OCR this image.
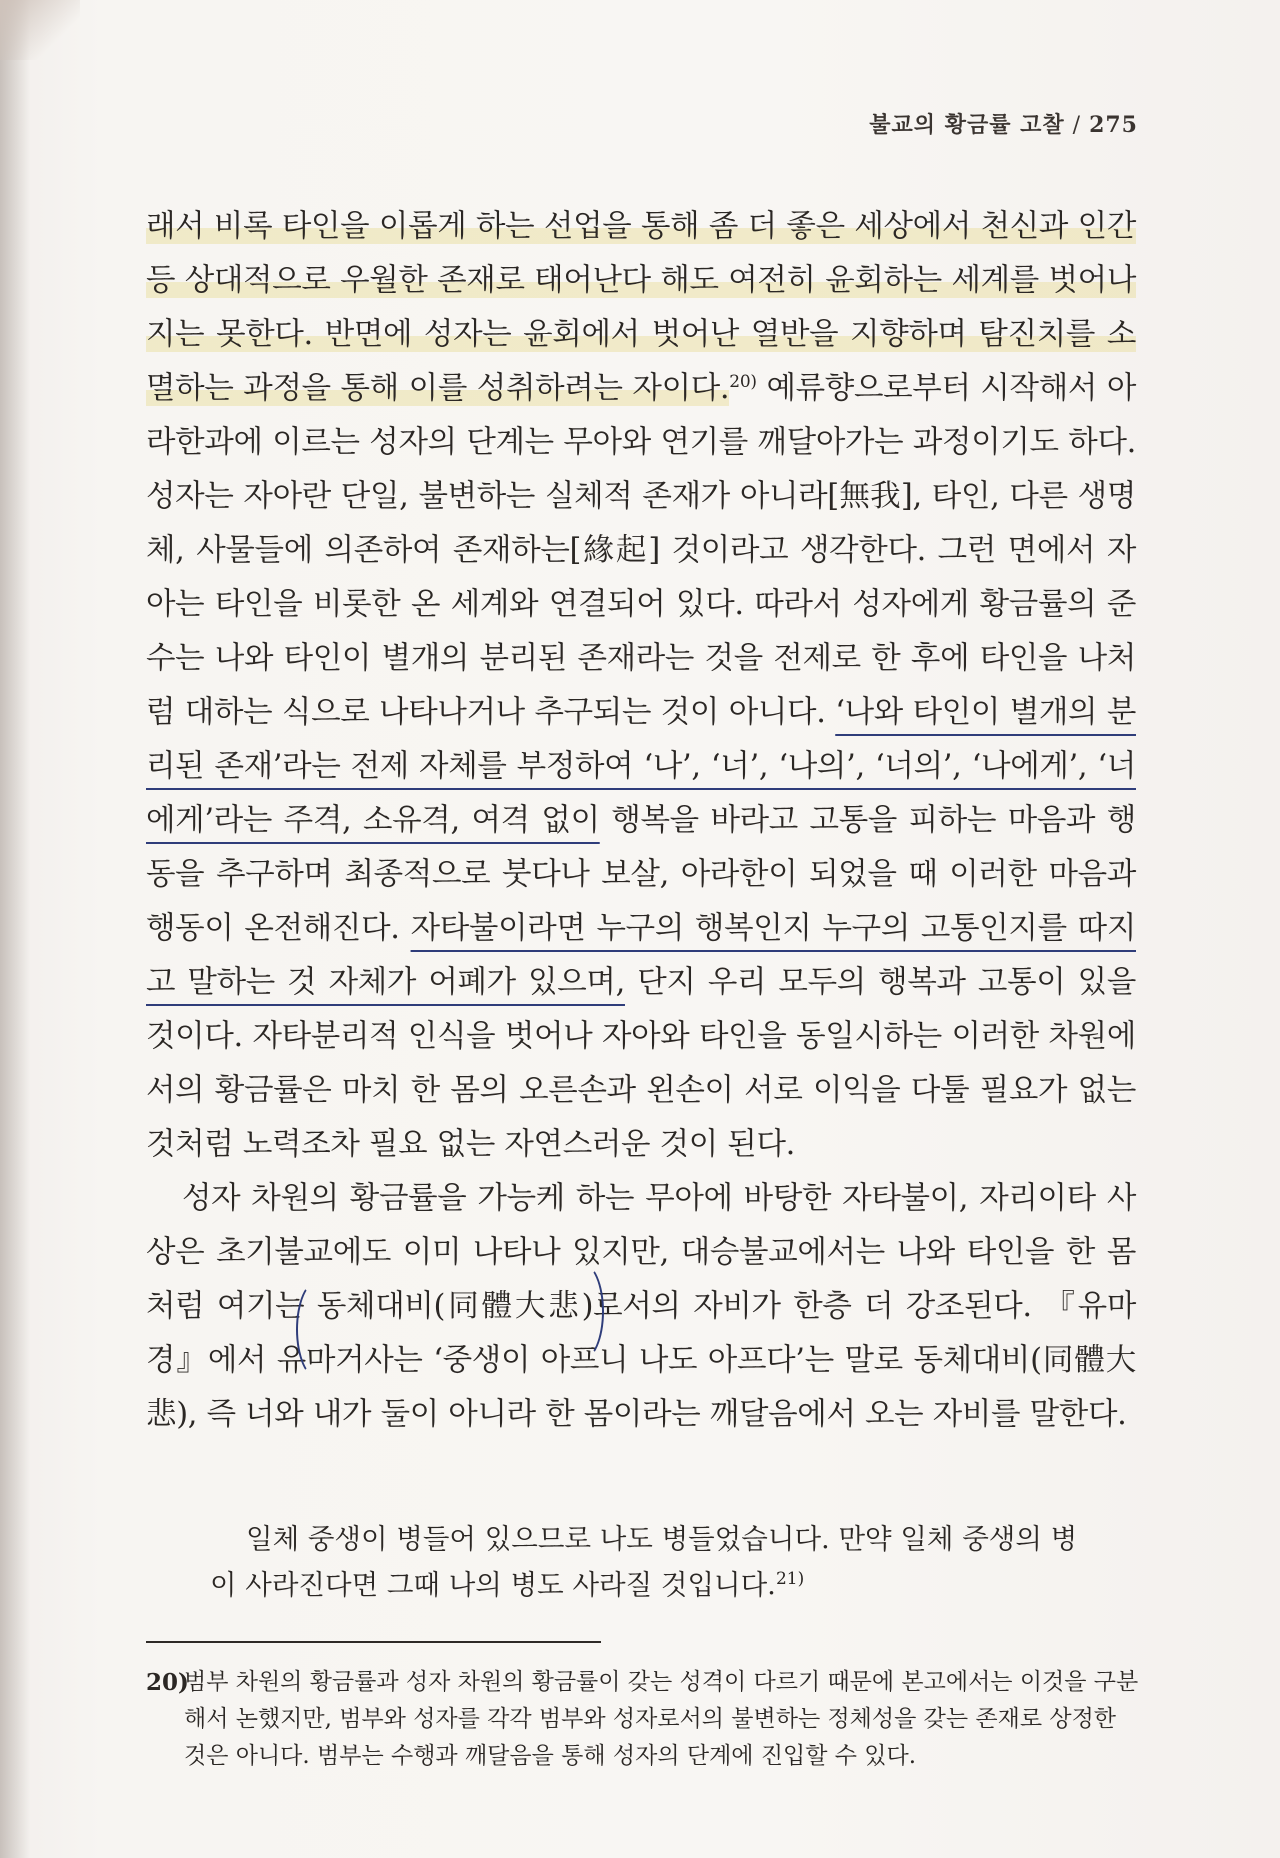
불교의 황금률 고찰 / 275

래서 비록 타인을 이롭게 하는 선업을 통해 좀 더 좋은 세상에서 천신과 인간 등 상대적으로 우월한 존재로 태어난다 해도 여전히 윤회하는 세계를 벗어나지는 못한다. 반면에 성자는 윤회에서 벗어난 열반을 지향하며 탐진치를 소멸하는 과정을 통해 이를 성취하려는 자이다.$^{20)}$ 예류향으로부터 시작해서 아라한과에 이르는 성자의 단계는 무아와 연기를 깨달아가는 과정이기도 하다. 성자는 자아란 단일, 불변하는 실체적 존재가 아니라[無我], 타인, 다른 생명체, 사물들에 의존하여 존재하는[緣起] 것이라고 생각한다. 그런 면에서 자아는 타인을 비롯한 온 세계와 연결되어 있다. 따라서 성자에게 황금률의 준수는 나와 타인이 별개의 분리된 존재라는 것을 전제로 한 후에 타인을 나처럼 대하는 식으로 나타나거나 추구되는 것이 아니다. ‘나와 타인이 별개의 분리된 존재’라는 전제 자체를 부정하여 ‘나’, ‘너’, ‘나의’, ‘너의’, ‘나에게’, ‘너에게’라는 주격, 소유격, 여격 없이 행복을 바라고 고통을 피하는 마음과 행동을 추구하며 최종적으로 붓다나 보살, 아라한이 되었을 때 이러한 마음과 행동이 온전해진다. 자타불이라면 누구의 행복인지 누구의 고통인지를 따지고 말하는 것 자체가 어폐가 있으며, 단지 우리 모두의 행복과 고통이 있을 것이다. 자타분리적 인식을 벗어나 자아와 타인을 동일시하는 이러한 차원에서의 황금률은 마치 한 몸의 오른손과 왼손이 서로 이익을 다툴 필요가 없는 것처럼 노력조차 필요 없는 자연스러운 것이 된다.

성자 차원의 황금률을 가능케 하는 무아에 바탕한 자타불이, 자리이타 사상은 초기불교에도 이미 나타나 있지만, 대승불교에서는 나와 타인을 한 몸처럼 여기는 동체대비(同體大悲)로서의 자비가 한층 더 강조된다. 『유마경』에서 유마거사는 ‘중생이 아프니 나도 아프다’는 말로 동체대비(同體大悲), 즉 너와 내가 둘이 아니라 한 몸이라는 깨달음에서 오는 자비를 말한다.

일체 중생이 병들어 있으므로 나도 병들었습니다. 만약 일체 중생의 병이 사라진다면 그때 나의 병도 사라질 것입니다.$^{21)}$

20)
범부 차원의 황금률과 성자 차원의 황금률이 갖는 성격이 다르기 때문에 본고에서는 이것을 구분해서 논했지만, 범부와 성자를 각각 범부와 성자로서의 불변하는 정체성을 갖는 존재로 상정한 것은 아니다. 범부는 수행과 깨달음을 통해 성자의 단계에 진입할 수 있다.
